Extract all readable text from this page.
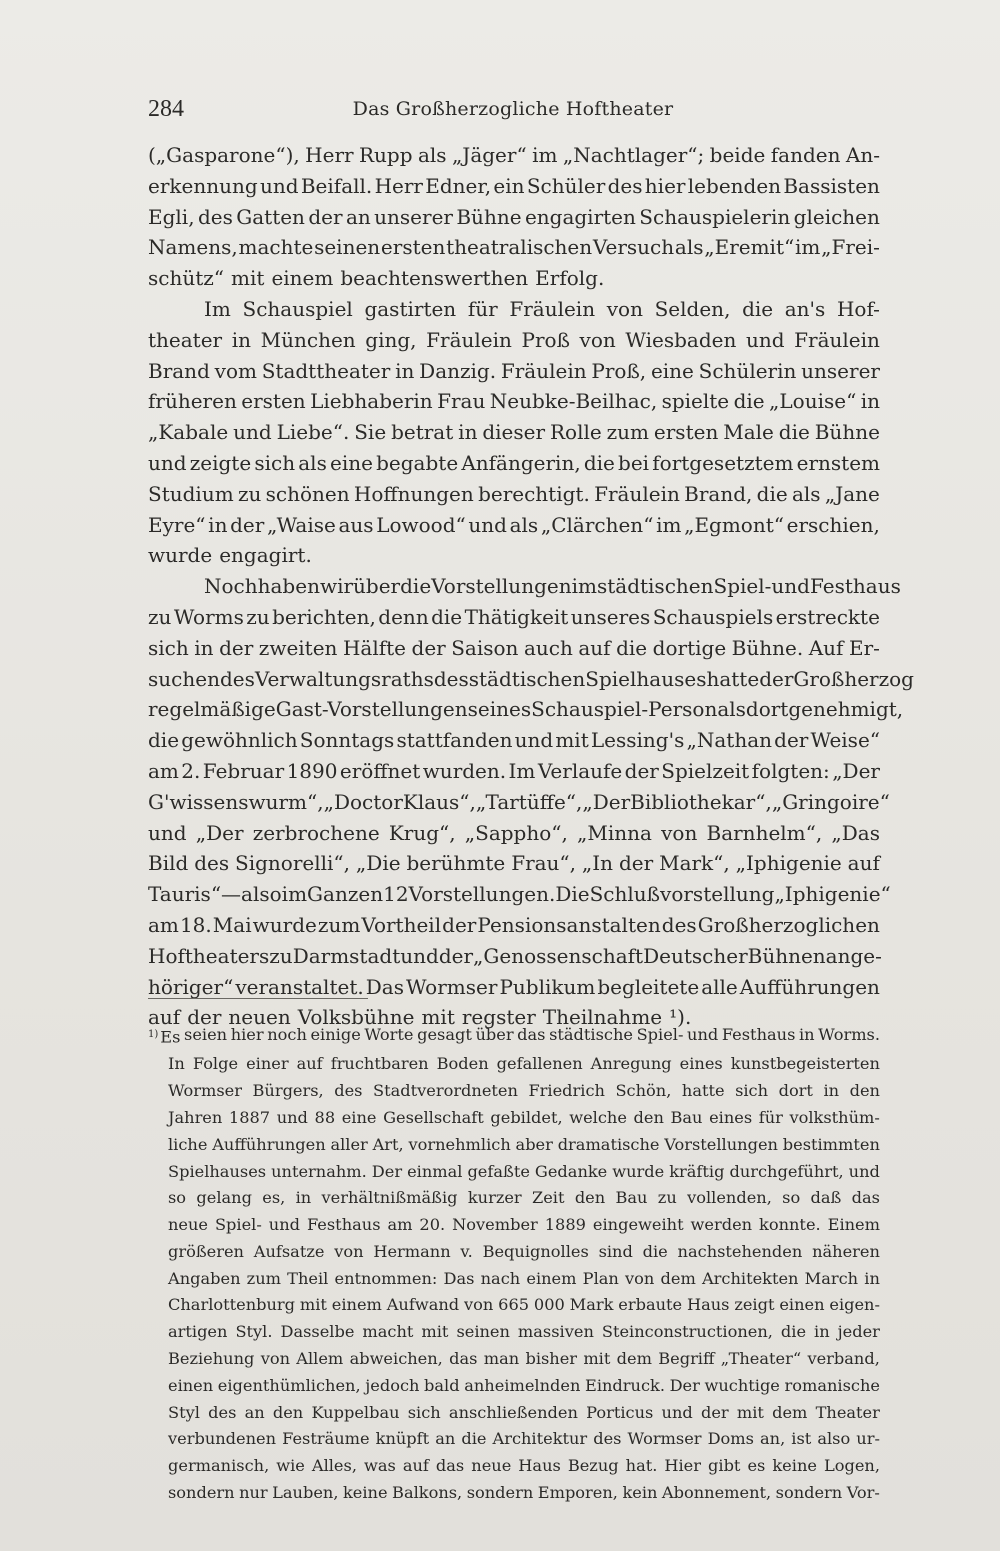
284	Das Großherzogliche Hoftheater
(„Gasparone“), Herr Rupp als „Jäger“ im „Nachtlager“; beide fanden An-
erkennung und Beifall. Herr Edner, ein Schüler des hier lebenden Bassisten
Egli, des Gatten der an unserer Bühne engagirten Schauspielerin gleichen
Namens, machte seinen ersten theatralischen Versuch als „Eremit“ im „Frei-
schütz“ mit einem beachtenswerthen Erfolg.
Im Schauspiel gastirten für Fräulein von Selden, die an's Hof-
theater in München ging, Fräulein Proß von Wiesbaden und Fräulein
Brand vom Stadttheater in Danzig. Fräulein Proß, eine Schülerin unserer
früheren ersten Liebhaberin Frau Neubke-Beilhac, spielte die „Louise“ in
„Kabale und Liebe“. Sie betrat in dieser Rolle zum ersten Male die Bühne
und zeigte sich als eine begabte Anfängerin, die bei fortgesetztem ernstem
Studium zu schönen Hoffnungen berechtigt. Fräulein Brand, die als „Jane
Eyre“ in der „Waise aus Lowood“ und als „Clärchen“ im „Egmont“ erschien,
wurde engagirt.
Noch haben wir über die Vorstellungen im städtischen Spiel- und Festhaus
zu Worms zu berichten, denn die Thätigkeit unseres Schauspiels erstreckte
sich in der zweiten Hälfte der Saison auch auf die dortige Bühne. Auf Er-
suchen des Verwaltungsraths des städtischen Spielhauses hatte der Großherzog
regelmäßige Gast-Vorstellungen seines Schauspiel-Personals dort genehmigt,
die gewöhnlich Sonntags stattfanden und mit Lessing's „Nathan der Weise“
am 2. Februar 1890 eröffnet wurden. Im Verlaufe der Spielzeit folgten: „Der
G'wissenswurm“, „Doctor Klaus“, „Tartüffe“, „Der Bibliothekar“, „Gringoire“
und „Der zerbrochene Krug“, „Sappho“, „Minna von Barnhelm“, „Das
Bild des Signorelli“, „Die berühmte Frau“, „In der Mark“, „Iphigenie auf
Tauris“ — also im Ganzen 12 Vorstellungen. Die Schlußvorstellung „Iphigenie“
am 18. Mai wurde zum Vortheil der Pensionsanstalten des Großherzoglichen
Hoftheaters zu Darmstadt und der „Genossenschaft Deutscher Bühnenange-
höriger“ veranstaltet. Das Wormser Publikum begleitete alle Aufführungen
auf der neuen Volksbühne mit regster Theilnahme ¹).
$^{1)}$ Es seien hier noch einige Worte gesagt über das städtische Spiel- und Festhaus in Worms.
In Folge einer auf fruchtbaren Boden gefallenen Anregung eines kunstbegeisterten
Wormser Bürgers, des Stadtverordneten Friedrich Schön, hatte sich dort in den
Jahren 1887 und 88 eine Gesellschaft gebildet, welche den Bau eines für volksthüm-
liche Aufführungen aller Art, vornehmlich aber dramatische Vorstellungen bestimmten
Spielhauses unternahm. Der einmal gefaßte Gedanke wurde kräftig durchgeführt, und
so gelang es, in verhältnißmäßig kurzer Zeit den Bau zu vollenden, so daß das
neue Spiel- und Festhaus am 20. November 1889 eingeweiht werden konnte. Einem
größeren Aufsatze von Hermann v. Bequignolles sind die nachstehenden näheren
Angaben zum Theil entnommen: Das nach einem Plan von dem Architekten March in
Charlottenburg mit einem Aufwand von 665 000 Mark erbaute Haus zeigt einen eigen-
artigen Styl. Dasselbe macht mit seinen massiven Steinconstructionen, die in jeder
Beziehung von Allem abweichen, das man bisher mit dem Begriff „Theater“ verband,
einen eigenthümlichen, jedoch bald anheimelnden Eindruck. Der wuchtige romanische
Styl des an den Kuppelbau sich anschließenden Porticus und der mit dem Theater
verbundenen Festräume knüpft an die Architektur des Wormser Doms an, ist also ur-
germanisch, wie Alles, was auf das neue Haus Bezug hat. Hier gibt es keine Logen,
sondern nur Lauben, keine Balkons, sondern Emporen, kein Abonnement, sondern Vor-
